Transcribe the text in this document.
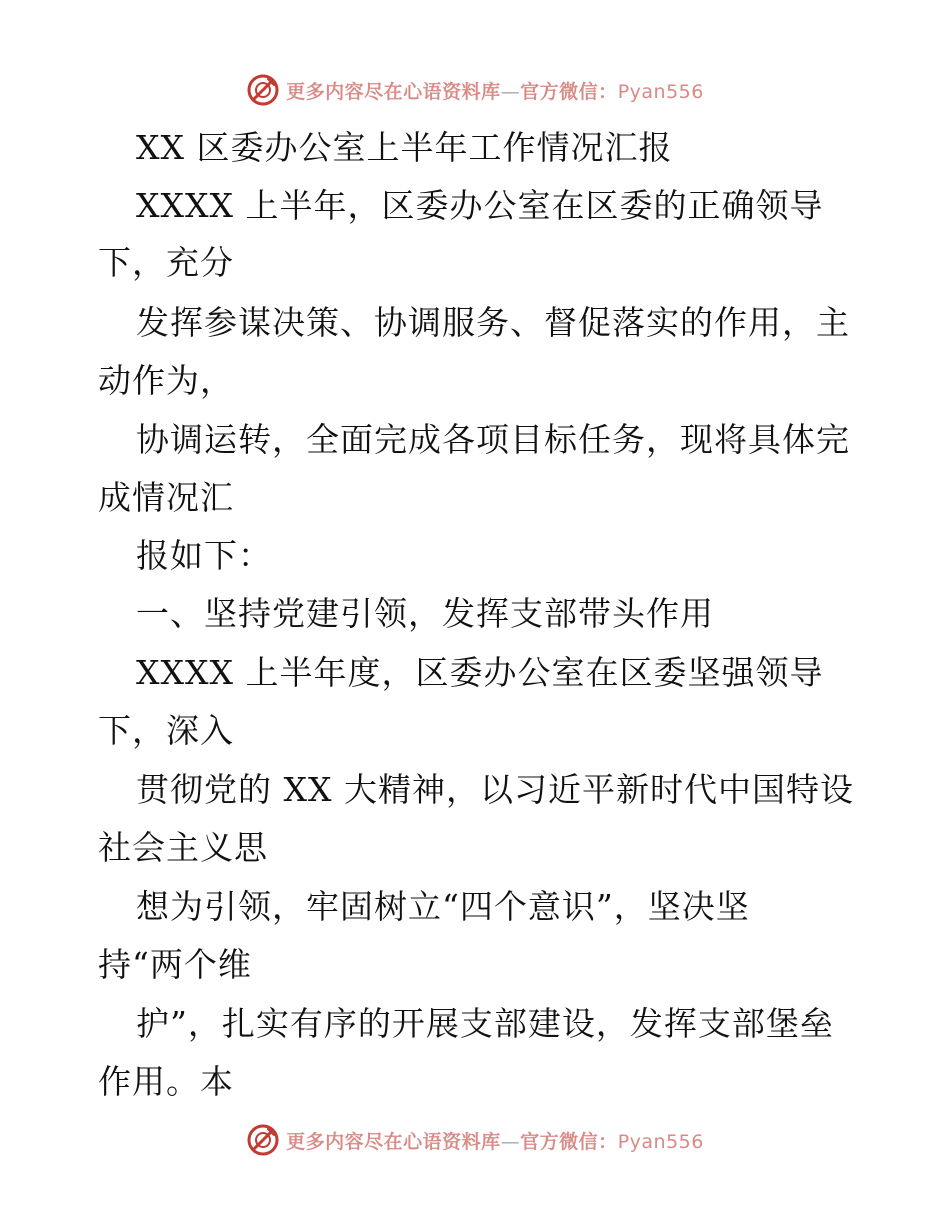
更多内容尽在心语资料库—官方微信：Pyan556
XX 区委办公室上半年工作情况汇报
XXXX 上半年，区委办公室在区委的正确领导
下，充分
发挥参谋决策、协调服务、督促落实的作用，主
动作为，
协调运转，全面完成各项目标任务，现将具体完
成情况汇
报如下：
一、坚持党建引领，发挥支部带头作用
XXXX 上半年度，区委办公室在区委坚强领导
下，深入
贯彻党的 XX 大精神，以习近平新时代中国特设
社会主义思
想为引领，牢固树立“四个意识”，坚决坚
持“两个维
护”，扎实有序的开展支部建设，发挥支部堡垒
作用。本
更多内容尽在心语资料库—官方微信：Pyan556
